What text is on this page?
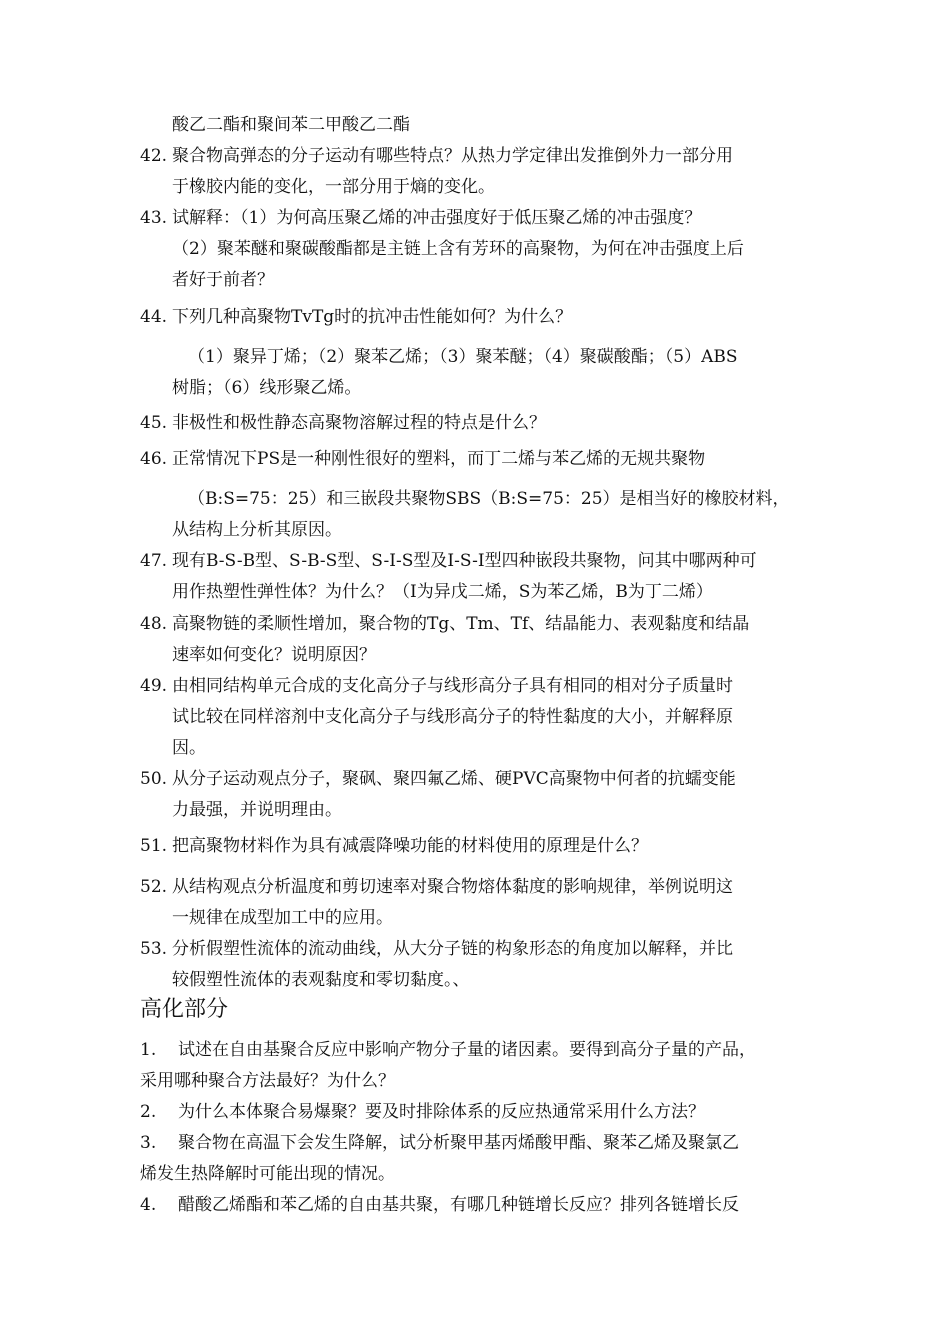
酸乙二酯和聚间苯二甲酸乙二酯
42. 聚合物高弹态的分子运动有哪些特点？从热力学定律出发推倒外力一部分用
于橡胶内能的变化，一部分用于熵的变化。
43. 试解释：（1）为何高压聚乙烯的冲击强度好于低压聚乙烯的冲击强度？
（2）聚苯醚和聚碳酸酯都是主链上含有芳环的高聚物，为何在冲击强度上后
者好于前者？
44. 下列几种高聚物TvTg时的抗冲击性能如何？为什么？
（1）聚异丁烯；（2）聚苯乙烯；（3）聚苯醚；（4）聚碳酸酯；（5）ABS
树脂；（6）线形聚乙烯。
45. 非极性和极性静态高聚物溶解过程的特点是什么？
46. 正常情况下PS是一种刚性很好的塑料，而丁二烯与苯乙烯的无规共聚物
（B:S=75：25）和三嵌段共聚物SBS（B:S=75：25）是相当好的橡胶材料，
从结构上分析其原因。
47. 现有B-S-B型、S-B-S型、S-I-S型及I-S-I型四种嵌段共聚物，问其中哪两种可
用作热塑性弹性体？为什么？（I为异戊二烯，S为苯乙烯，B为丁二烯）
48. 高聚物链的柔顺性增加，聚合物的Tg、Tm、Tf、结晶能力、表观黏度和结晶
速率如何变化？说明原因？
49. 由相同结构单元合成的支化高分子与线形高分子具有相同的相对分子质量时
试比较在同样溶剂中支化高分子与线形高分子的特性黏度的大小，并解释原
因。
50. 从分子运动观点分子，聚砜、聚四氟乙烯、硬PVC高聚物中何者的抗蠕变能
力最强，并说明理由。
51. 把高聚物材料作为具有减震降噪功能的材料使用的原理是什么？
52. 从结构观点分析温度和剪切速率对聚合物熔体黏度的影响规律，举例说明这
一规律在成型加工中的应用。
53. 分析假塑性流体的流动曲线，从大分子链的构象形态的角度加以解释，并比
较假塑性流体的表观黏度和零切黏度。、
高化部分
1. 试述在自由基聚合反应中影响产物分子量的诸因素。要得到高分子量的产品，
采用哪种聚合方法最好？为什么？
2. 为什么本体聚合易爆聚？要及时排除体系的反应热通常采用什么方法？
3. 聚合物在高温下会发生降解，试分析聚甲基丙烯酸甲酯、聚苯乙烯及聚氯乙
烯发生热降解时可能出现的情况。
4. 醋酸乙烯酯和苯乙烯的自由基共聚，有哪几种链增长反应？排列各链增长反
